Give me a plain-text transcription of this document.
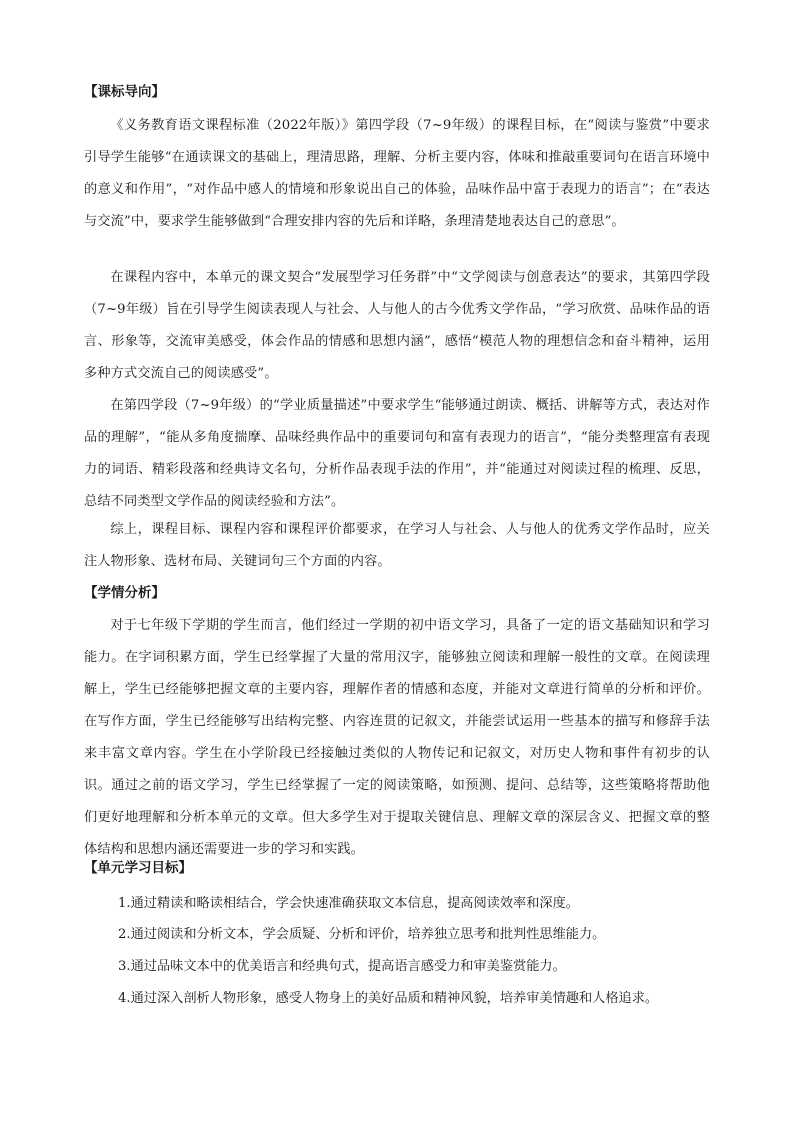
【课标导向】
《义务教育语文课程标准（2022年版）》第四学段（7~9年级）的课程目标，在“阅读与鉴赏”中要求引导学生能够“在通读课文的基础上，理清思路，理解、分析主要内容，体味和推敲重要词句在语言环境中的意义和作用”，“对作品中感人的情境和形象说出自己的体验，品味作品中富于表现力的语言”；在“表达与交流”中，要求学生能够做到“合理安排内容的先后和详略，条理清楚地表达自己的意思”。
在课程内容中，本单元的课文契合“发展型学习任务群”中“文学阅读与创意表达”的要求，其第四学段（7~9年级）旨在引导学生阅读表现人与社会、人与他人的古今优秀文学作品，“学习欣赏、品味作品的语言、形象等，交流审美感受，体会作品的情感和思想内涵”，感悟“模范人物的理想信念和奋斗精神，运用多种方式交流自己的阅读感受”。
在第四学段（7~9年级）的“学业质量描述”中要求学生“能够通过朗读、概括、讲解等方式，表达对作品的理解”，“能从多角度揣摩、品味经典作品中的重要词句和富有表现力的语言”，“能分类整理富有表现力的词语、精彩段落和经典诗文名句，分析作品表现手法的作用”，并“能通过对阅读过程的梳理、反思，总结不同类型文学作品的阅读经验和方法”。
综上，课程目标、课程内容和课程评价都要求，在学习人与社会、人与他人的优秀文学作品时，应关注人物形象、选材布局、关键词句三个方面的内容。
【学情分析】
对于七年级下学期的学生而言，他们经过一学期的初中语文学习，具备了一定的语文基础知识和学习能力。在字词积累方面，学生已经掌握了大量的常用汉字，能够独立阅读和理解一般性的文章。在阅读理解上，学生已经能够把握文章的主要内容，理解作者的情感和态度，并能对文章进行简单的分析和评价。在写作方面，学生已经能够写出结构完整、内容连贯的记叙文，并能尝试运用一些基本的描写和修辞手法来丰富文章内容。学生在小学阶段已经接触过类似的人物传记和记叙文，对历史人物和事件有初步的认识。通过之前的语文学习，学生已经掌握了一定的阅读策略，如预测、提问、总结等，这些策略将帮助他们更好地理解和分析本单元的文章。但大多学生对于提取关键信息、理解文章的深层含义、把握文章的整体结构和思想内涵还需要进一步的学习和实践。
【单元学习目标】
1.通过精读和略读相结合，学会快速准确获取文本信息，提高阅读效率和深度。
2.通过阅读和分析文本，学会质疑、分析和评价，培养独立思考和批判性思维能力。
3.通过品味文本中的优美语言和经典句式，提高语言感受力和审美鉴赏能力。
4.通过深入剖析人物形象，感受人物身上的美好品质和精神风貌，培养审美情趣和人格追求。
